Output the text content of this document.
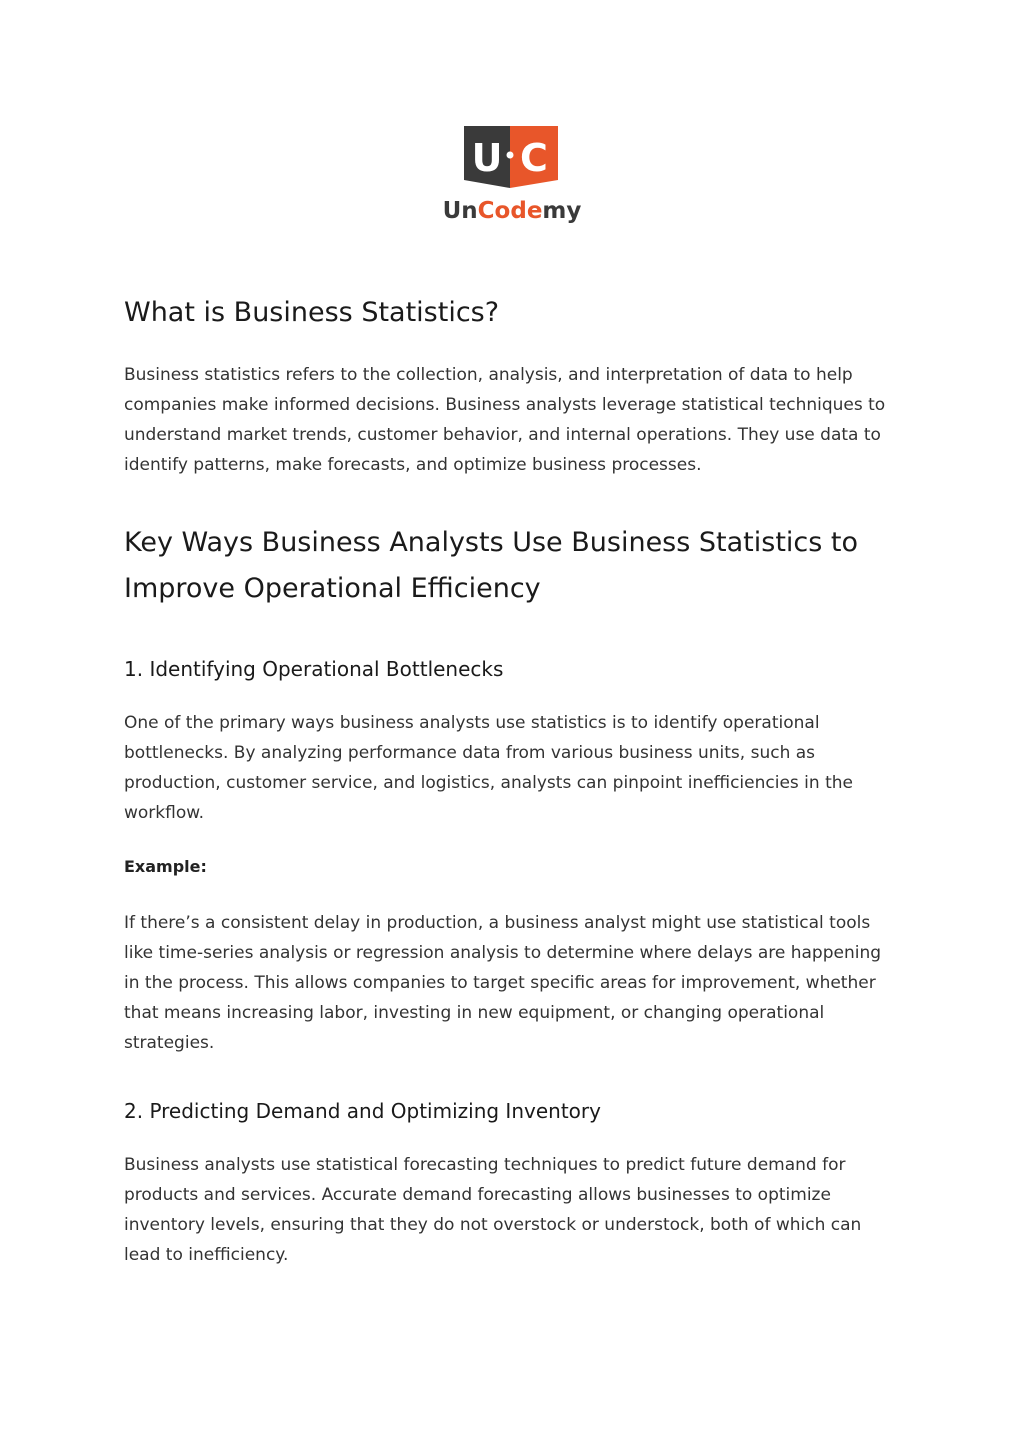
U C
UnCodemy
What is Business Statistics?

Business statistics refers to the collection, analysis, and interpretation of data to help companies make informed decisions. Business analysts leverage statistical techniques to understand market trends, customer behavior, and internal operations. They use data to identify patterns, make forecasts, and optimize business processes.

Key Ways Business Analysts Use Business Statistics to Improve Operational Efficiency
1. Identifying Operational Bottlenecks

One of the primary ways business analysts use statistics is to identify operational bottlenecks. By analyzing performance data from various business units, such as production, customer service, and logistics, analysts can pinpoint inefficiencies in the workflow.

Example:

If there’s a consistent delay in production, a business analyst might use statistical tools like time-series analysis or regression analysis to determine where delays are happening in the process. This allows companies to target specific areas for improvement, whether that means increasing labor, investing in new equipment, or changing operational strategies.

2. Predicting Demand and Optimizing Inventory

Business analysts use statistical forecasting techniques to predict future demand for products and services. Accurate demand forecasting allows businesses to optimize inventory levels, ensuring that they do not overstock or understock, both of which can lead to inefficiency.
